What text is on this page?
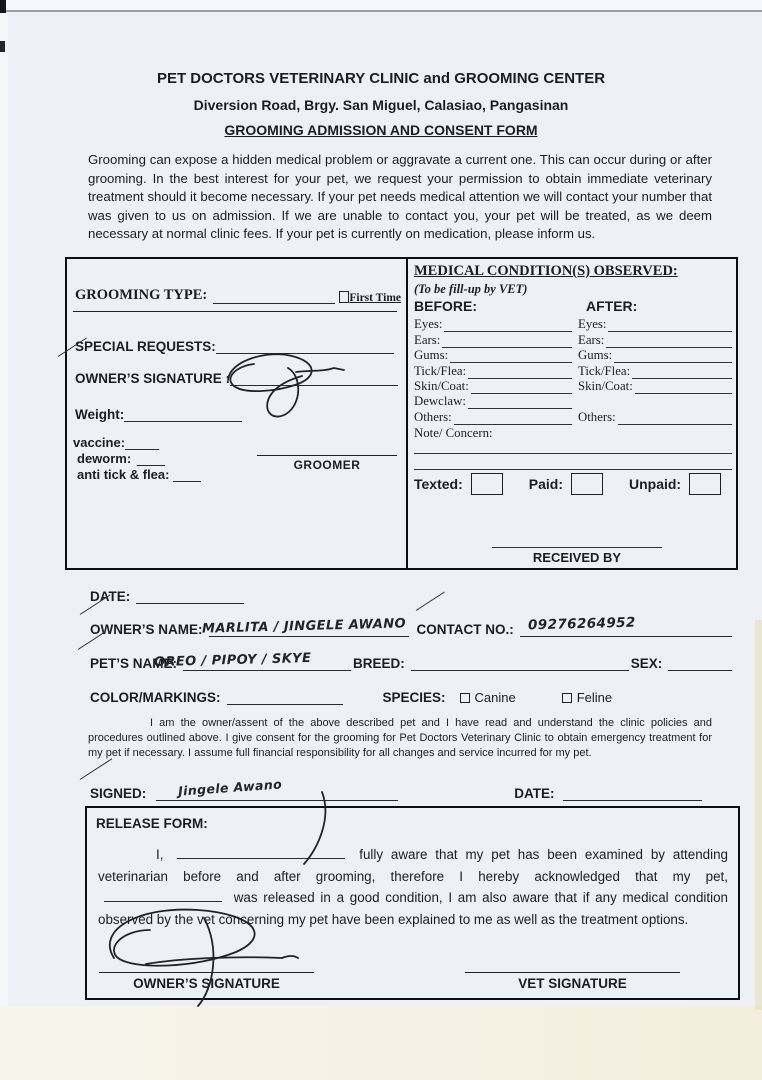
PET DOCTORS VETERINARY CLINIC and GROOMING CENTER
Diversion Road, Brgy. San Miguel, Calasiao, Pangasinan
GROOMING ADMISSION AND CONSENT FORM
Grooming can expose a hidden medical problem or aggravate a current one. This can occur during or after grooming. In the best interest for your pet, we request your permission to obtain immediate veterinary treatment should it become necessary. If your pet needs medical attention we will contact your number that was given to us on admission. If we are unable to contact you, your pet will be treated, as we deem necessary at normal clinic fees. If your pet is currently on medication, please inform us.
GROOMING TYPE:	First Time
SPECIAL REQUESTS:
OWNER’S SIGNATURE :
Weight:
vaccine:
deworm:
anti tick & flea:
GROOMER
MEDICAL CONDITION(S) OBSERVED:
(To be fill-up by VET)
BEFORE:	AFTER:
Eyes:	Eyes:
Ears:	Ears:
Gums:	Gums:
Tick/Flea:	Tick/Flea:
Skin/Coat:	Skin/Coat:
Dewclaw:
Others:	Others:
Note/ Concern:
Texted:	Paid:	Unpaid:
RECEIVED BY
DATE:
OWNER’S NAME:	CONTACT NO.:
MARLITA / JINGELE AWANO	09276264952
PET’S NAME:	BREED:	SEX:
OREO / PIPOY / SKYE
COLOR/MARKINGS:	SPECIES: Canine	Feline
I am the owner/assent of the above described pet and I have read and understand the clinic policies and procedures outlined above. I give consent for the grooming for Pet Doctors Veterinary Clinic to obtain emergency treatment for my pet if necessary. I assume full financial responsibility for all changes and service incurred for my pet.
SIGNED:	DATE:
Jingele Awano
RELEASE FORM:
I,	fully aware that my pet has been examined by attending veterinarian before and after grooming, therefore I hereby acknowledged that my pet,  was released in a good condition, I am also aware that if any medical condition observed by the vet concerning my pet have been explained to me as well as the treatment options.
OWNER’S SIGNATURE	VET SIGNATURE
